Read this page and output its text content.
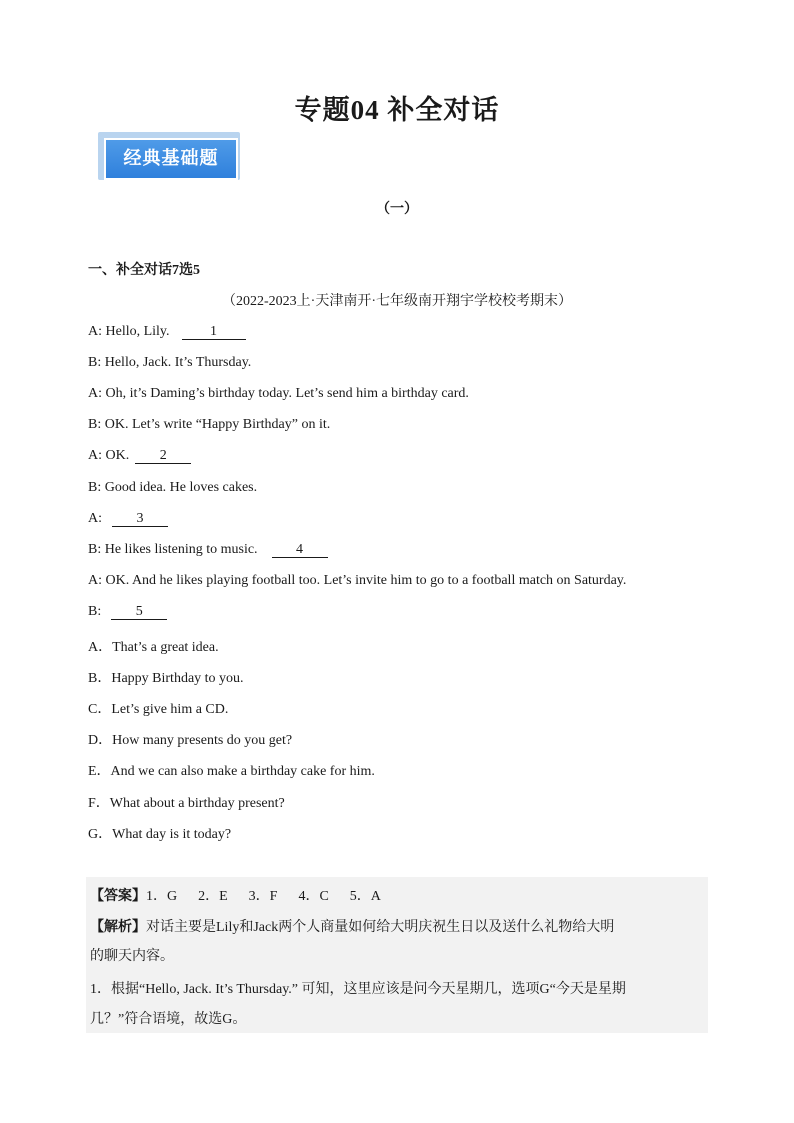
专题04 补全对话
经典基础题
（一）
一、补全对话7选5
（2022-2023上·天津南开·七年级南开翔宇学校校考期末）
A: Hello, Lily.	1
B: Hello, Jack. It’s Thursday.
A: Oh, it’s Daming’s birthday today. Let’s send him a birthday card.
B: OK. Let’s write “Happy Birthday” on it.
A: OK. 2
B: Good idea. He loves cakes.
A: 3
B: He likes listening to music.	4
A: OK. And he likes playing football too. Let’s invite him to go to a football match on Saturday.
B: 5
A．That’s a great idea.
B．Happy Birthday to you.
C．Let’s give him a CD.
D．How many presents do you get?
E．And we can also make a birthday cake for him.
F．What about a birthday present?
G．What day is it today?
【答案】1．G      2．E      3．F      4．C      5．A
【解析】对话主要是Lily和Jack两个人商量如何给大明庆祝生日以及送什么礼物给大明
的聊天内容。
1．根据“Hello, Jack. It’s Thursday.” 可知，这里应该是问今天星期几，选项G“今天是星期
几？”符合语境，故选G。
